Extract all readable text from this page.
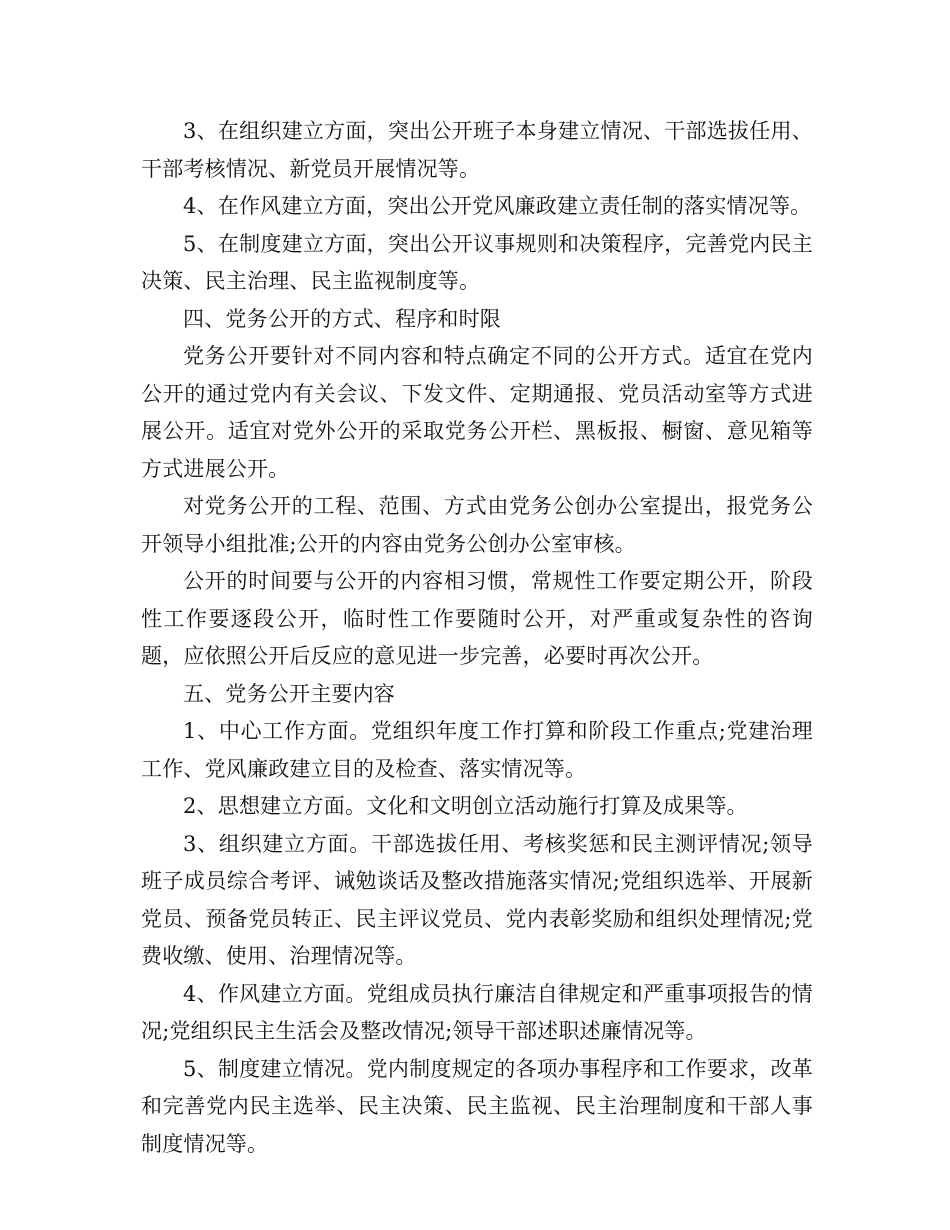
3、在组织建立方面，突出公开班子本身建立情况、干部选拔任用、干部考核情况、新党员开展情况等。

4、在作风建立方面，突出公开党风廉政建立责任制的落实情况等。

5、在制度建立方面，突出公开议事规则和决策程序，完善党内民主决策、民主治理、民主监视制度等。

四、党务公开的方式、程序和时限

党务公开要针对不同内容和特点确定不同的公开方式。适宜在党内公开的通过党内有关会议、下发文件、定期通报、党员活动室等方式进展公开。适宜对党外公开的采取党务公开栏、黑板报、橱窗、意见箱等方式进展公开。

对党务公开的工程、范围、方式由党务公创办公室提出，报党务公开领导小组批准;公开的内容由党务公创办公室审核。

公开的时间要与公开的内容相习惯，常规性工作要定期公开，阶段性工作要逐段公开，临时性工作要随时公开，对严重或复杂性的咨询题，应依照公开后反应的意见进一步完善，必要时再次公开。

五、党务公开主要内容

1、中心工作方面。党组织年度工作打算和阶段工作重点;党建治理工作、党风廉政建立目的及检查、落实情况等。

2、思想建立方面。文化和文明创立活动施行打算及成果等。

3、组织建立方面。干部选拔任用、考核奖惩和民主测评情况;领导班子成员综合考评、诫勉谈话及整改措施落实情况;党组织选举、开展新党员、预备党员转正、民主评议党员、党内表彰奖励和组织处理情况;党费收缴、使用、治理情况等。

4、作风建立方面。党组成员执行廉洁自律规定和严重事项报告的情况;党组织民主生活会及整改情况;领导干部述职述廉情况等。

5、制度建立情况。党内制度规定的各项办事程序和工作要求，改革和完善党内民主选举、民主决策、民主监视、民主治理制度和干部人事制度情况等。
